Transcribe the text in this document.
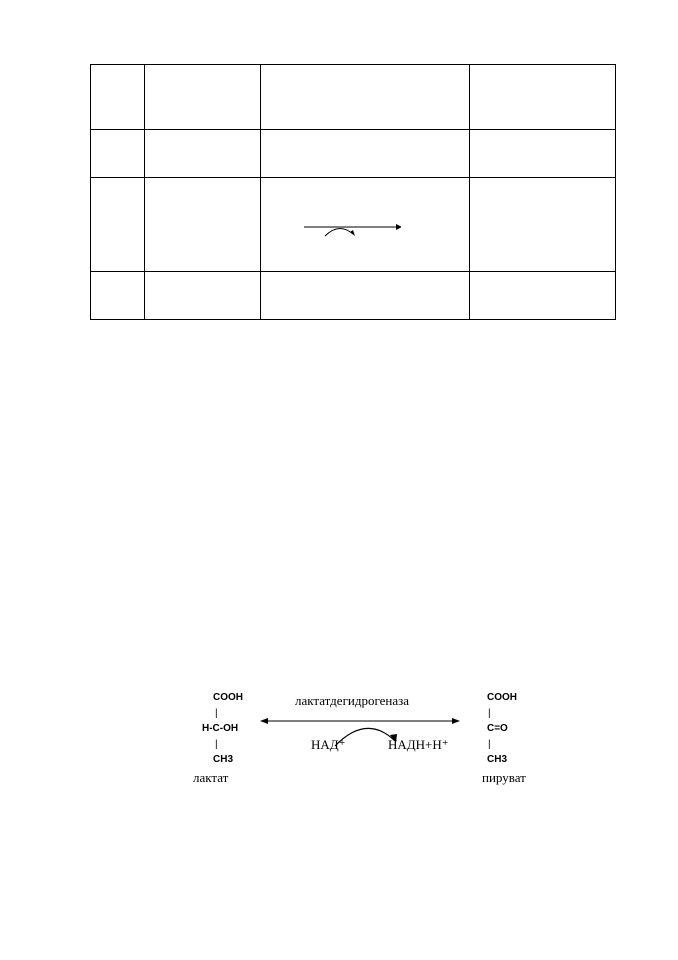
COOH
|
H-C-OH
|
CH3
лактат
лактатдегидрогеназа
НАД⁺	НАДН+Н⁺
COOH
|
C=O
|
CH3
пируват
